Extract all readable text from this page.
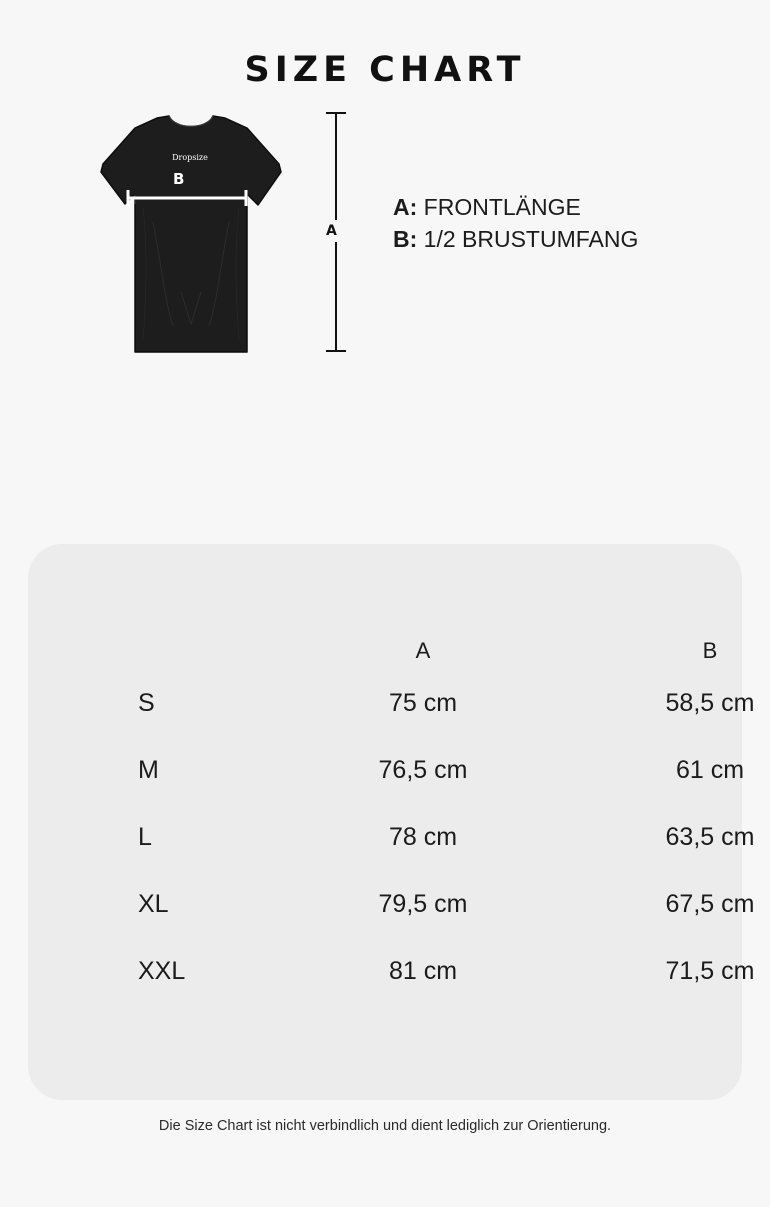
SIZE CHART
Dropsize
B
A
A: FRONTLÄNGE
B: 1/2 BRUSTUMFANG
	A	B
S	75 cm	58,5 cm
M	76,5 cm	61 cm
L	78 cm	63,5 cm
XL	79,5 cm	67,5 cm
XXL	81 cm	71,5 cm
Die Size Chart ist nicht verbindlich und dient lediglich zur Orientierung.
